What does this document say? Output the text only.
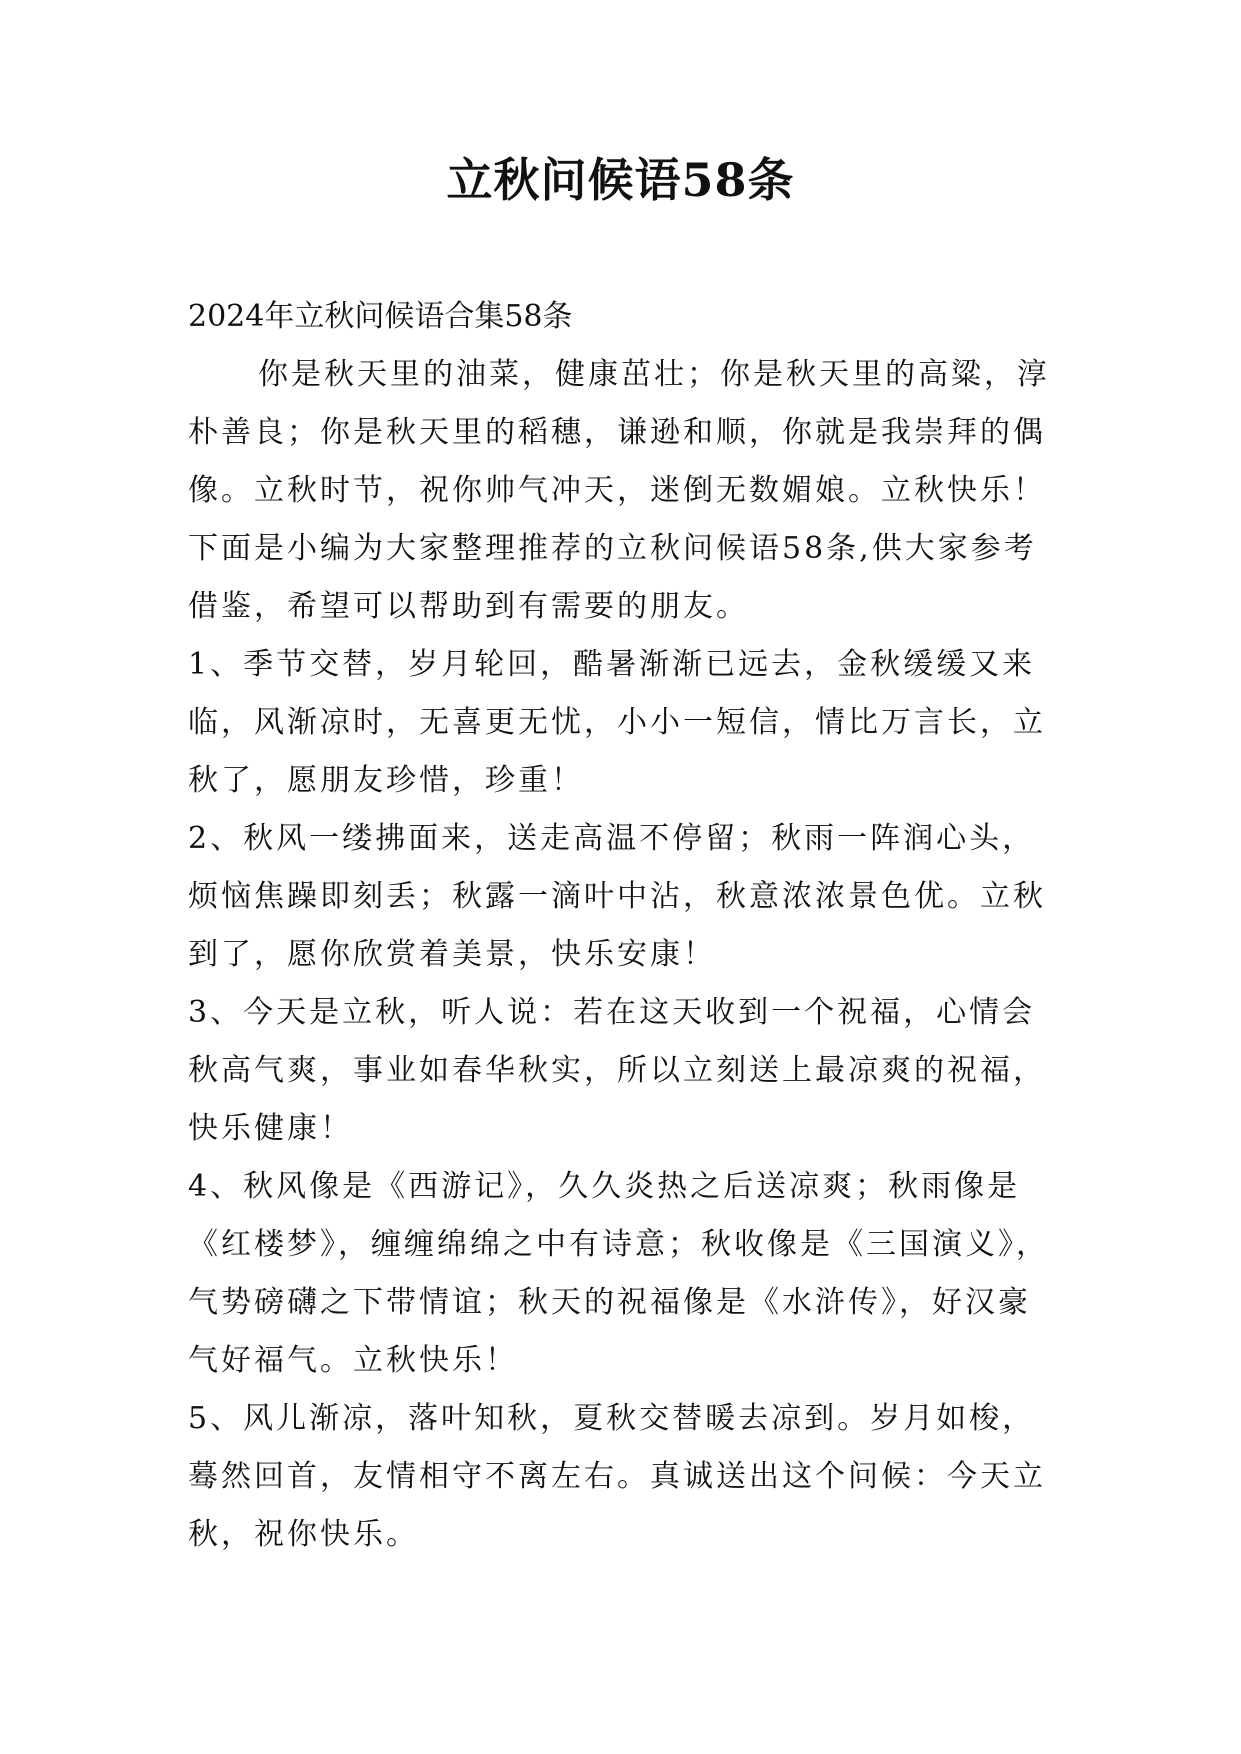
立秋问候语58条
2024年立秋问候语合集58条
你是秋天里的油菜，健康茁壮；你是秋天里的高粱，淳
朴善良；你是秋天里的稻穗，谦逊和顺，你就是我崇拜的偶
像。立秋时节，祝你帅气冲天，迷倒无数媚娘。立秋快乐！
下面是小编为大家整理推荐的立秋问候语58条,供大家参考
借鉴，希望可以帮助到有需要的朋友。
1、季节交替，岁月轮回，酷暑渐渐已远去，金秋缓缓又来
临，风渐凉时，无喜更无忧，小小一短信，情比万言长，立
秋了，愿朋友珍惜，珍重！
2、秋风一缕拂面来，送走高温不停留；秋雨一阵润心头，
烦恼焦躁即刻丢；秋露一滴叶中沾，秋意浓浓景色优。立秋
到了，愿你欣赏着美景，快乐安康！
3、今天是立秋，听人说：若在这天收到一个祝福，心情会
秋高气爽，事业如春华秋实，所以立刻送上最凉爽的祝福，
快乐健康！
4、秋风像是《西游记》，久久炎热之后送凉爽；秋雨像是
《红楼梦》，缠缠绵绵之中有诗意；秋收像是《三国演义》，
气势磅礴之下带情谊；秋天的祝福像是《水浒传》，好汉豪
气好福气。立秋快乐！
5、风儿渐凉，落叶知秋，夏秋交替暖去凉到。岁月如梭，
蓦然回首，友情相守不离左右。真诚送出这个问候：今天立
秋，祝你快乐。
